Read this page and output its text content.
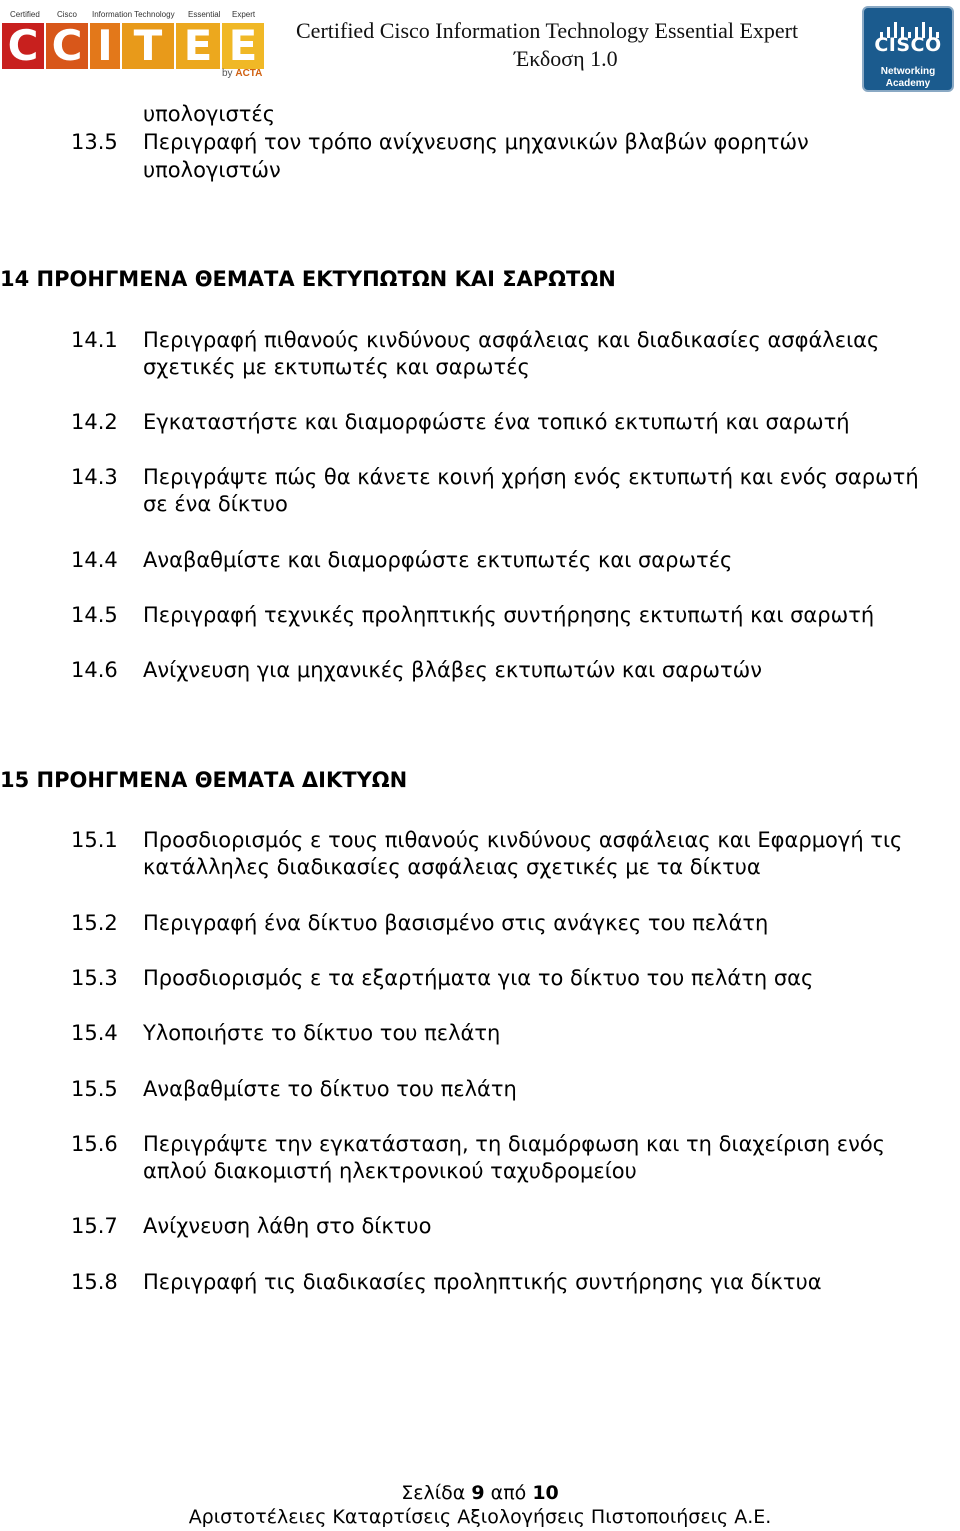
Certified Cisco Information Technology Essential Expert
C C I T E E
by ACTA
Certified Cisco Information Technology Essential Expert
Έκδοση 1.0
CISCO
Networking
Academy
υπολογιστές
13.5 Περιγραφή τον τρόπο ανίχνευσης μηχανικών βλαβών φορητών
υπολογιστών
14 ΠΡΟΗΓΜΕΝΑ ΘΕΜΑΤΑ ΕΚΤΥΠΩΤΩΝ ΚΑΙ ΣΑΡΩΤΩΝ
14.1 Περιγραφή πιθανούς κινδύνους ασφάλειας και διαδικασίες ασφάλειας
σχετικές με εκτυπωτές και σαρωτές
14.2 Εγκαταστήστε και διαμορφώστε ένα τοπικό εκτυπωτή και σαρωτή
14.3 Περιγράψτε πώς θα κάνετε κοινή χρήση ενός εκτυπωτή και ενός σαρωτή
σε ένα δίκτυο
14.4 Αναβαθμίστε και διαμορφώστε εκτυπωτές και σαρωτές
14.5 Περιγραφή τεχνικές προληπτικής συντήρησης εκτυπωτή και σαρωτή
14.6 Ανίχνευση για μηχανικές βλάβες εκτυπωτών και σαρωτών
15 ΠΡΟΗΓΜΕΝΑ ΘΕΜΑΤΑ ΔΙΚΤΥΩΝ
15.1 Προσδιορισμός ε τους πιθανούς κινδύνους ασφάλειας και Εφαρμογή τις
κατάλληλες διαδικασίες ασφάλειας σχετικές με τα δίκτυα
15.2 Περιγραφή ένα δίκτυο βασισμένο στις ανάγκες του πελάτη
15.3 Προσδιορισμός ε τα εξαρτήματα για το δίκτυο του πελάτη σας
15.4 Υλοποιήστε το δίκτυο του πελάτη
15.5 Αναβαθμίστε το δίκτυο του πελάτη
15.6 Περιγράψτε την εγκατάσταση, τη διαμόρφωση και τη διαχείριση ενός
απλού διακομιστή ηλεκτρονικού ταχυδρομείου
15.7 Ανίχνευση λάθη στο δίκτυο
15.8 Περιγραφή τις διαδικασίες προληπτικής συντήρησης για δίκτυα
Σελίδα 9 από 10
Αριστοτέλειες Καταρτίσεις Αξιολογήσεις Πιστοποιήσεις Α.Ε.
